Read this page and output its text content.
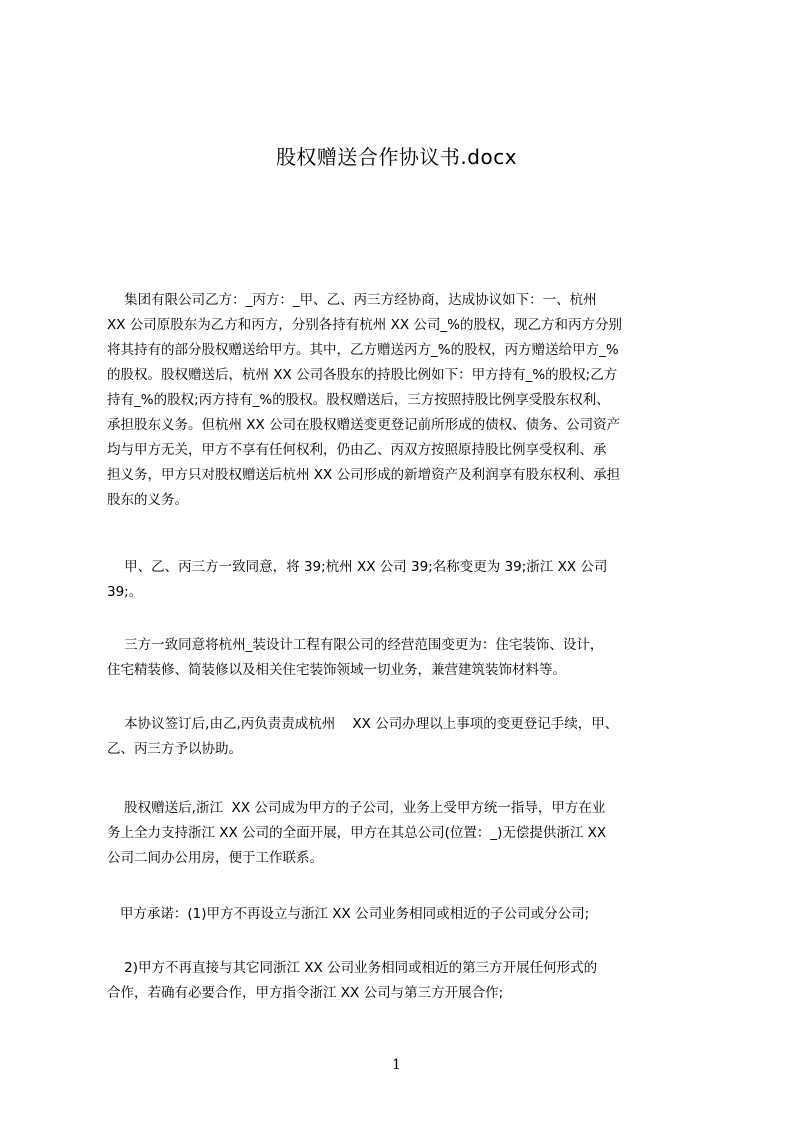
股权赠送合作协议书.docx
集团有限公司乙方：_丙方：_甲、乙、丙三方经协商，达成协议如下：一、杭州
XX 公司原股东为乙方和丙方，分别各持有杭州 XX 公司_%的股权，现乙方和丙方分别
将其持有的部分股权赠送给甲方。其中，乙方赠送丙方_%的股权，丙方赠送给甲方_%
的股权。股权赠送后，杭州 XX 公司各股东的持股比例如下：甲方持有_%的股权;乙方
持有_%的股权;丙方持有_%的股权。股权赠送后，三方按照持股比例享受股东权利、
承担股东义务。但杭州 XX 公司在股权赠送变更登记前所形成的债权、债务、公司资产
均与甲方无关，甲方不享有任何权利，仍由乙、丙双方按照原持股比例享受权利、承
担义务，甲方只对股权赠送后杭州 XX 公司形成的新增资产及利润享有股东权利、承担
股东的义务。
甲、乙、丙三方一致同意，将 39;杭州 XX 公司 39;名称变更为 39;浙江 XX 公司
39;。
三方一致同意将杭州_装设计工程有限公司的经营范围变更为：住宅装饰、设计，
住宅精装修、简装修以及相关住宅装饰领域一切业务，兼营建筑装饰材料等。
本协议签订后,由乙,丙负责责成杭州    XX 公司办理以上事项的变更登记手续，甲、
乙、丙三方予以协助。
股权赠送后,浙江  XX 公司成为甲方的子公司，业务上受甲方统一指导，甲方在业
务上全力支持浙江 XX 公司的全面开展，甲方在其总公司(位置：_)无偿提供浙江 XX
公司二间办公用房，便于工作联系。
甲方承诺：(1)甲方不再设立与浙江 XX 公司业务相同或相近的子公司或分公司;
2)甲方不再直接与其它同浙江 XX 公司业务相同或相近的第三方开展任何形式的
合作，若确有必要合作，甲方指令浙江 XX 公司与第三方开展合作;
1
